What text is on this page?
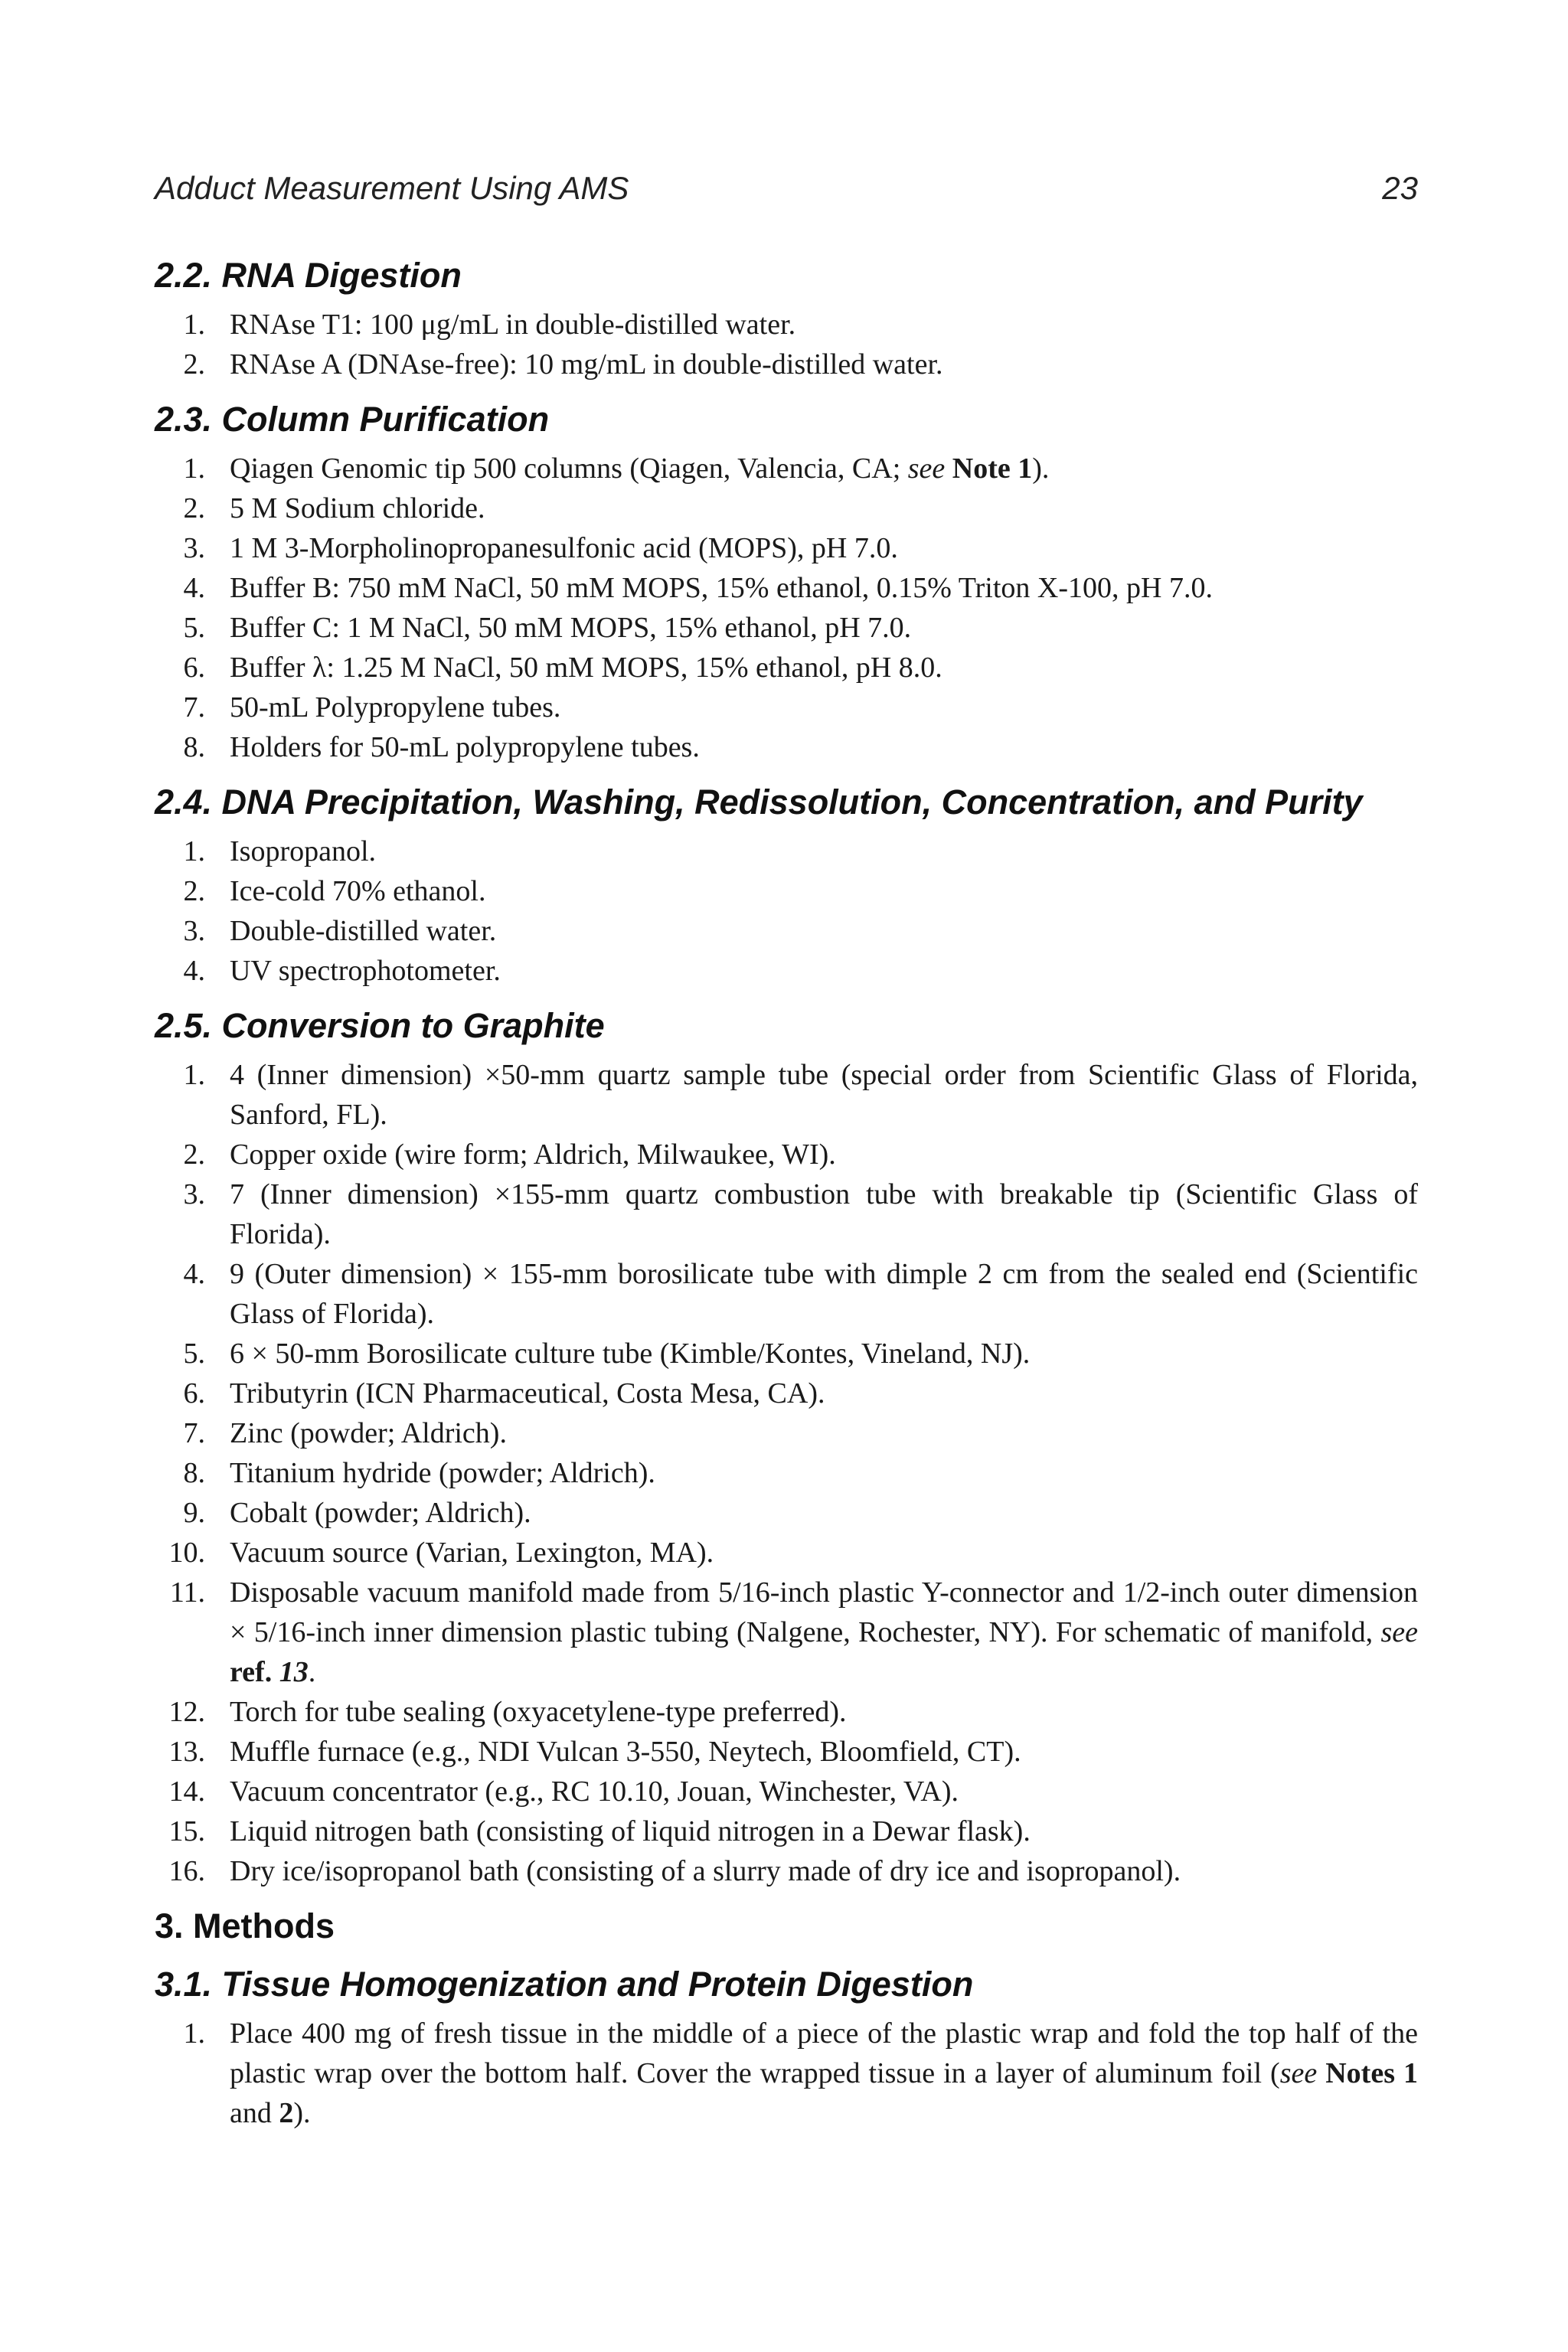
Adduct Measurement Using AMS	23
2.2. RNA Digestion
1. RNAse T1: 100 μg/mL in double-distilled water.
2. RNAse A (DNAse-free): 10 mg/mL in double-distilled water.
2.3. Column Purification
1. Qiagen Genomic tip 500 columns (Qiagen, Valencia, CA; see Note 1).
2. 5 M Sodium chloride.
3. 1 M 3-Morpholinopropanesulfonic acid (MOPS), pH 7.0.
4. Buffer B: 750 mM NaCl, 50 mM MOPS, 15% ethanol, 0.15% Triton X-100, pH 7.0.
5. Buffer C: 1 M NaCl, 50 mM MOPS, 15% ethanol, pH 7.0.
6. Buffer λ: 1.25 M NaCl, 50 mM MOPS, 15% ethanol, pH 8.0.
7. 50-mL Polypropylene tubes.
8. Holders for 50-mL polypropylene tubes.
2.4. DNA Precipitation, Washing, Redissolution, Concentration, and Purity
1. Isopropanol.
2. Ice-cold 70% ethanol.
3. Double-distilled water.
4. UV spectrophotometer.
2.5. Conversion to Graphite
1. 4 (Inner dimension) ×50-mm quartz sample tube (special order from Scientific Glass of Florida, Sanford, FL).
2. Copper oxide (wire form; Aldrich, Milwaukee, WI).
3. 7 (Inner dimension) ×155-mm quartz combustion tube with breakable tip (Scientific Glass of Florida).
4. 9 (Outer dimension) × 155-mm borosilicate tube with dimple 2 cm from the sealed end (Scientific Glass of Florida).
5. 6 × 50-mm Borosilicate culture tube (Kimble/Kontes, Vineland, NJ).
6. Tributyrin (ICN Pharmaceutical, Costa Mesa, CA).
7. Zinc (powder; Aldrich).
8. Titanium hydride (powder; Aldrich).
9. Cobalt (powder; Aldrich).
10. Vacuum source (Varian, Lexington, MA).
11. Disposable vacuum manifold made from 5/16-inch plastic Y-connector and 1/2-inch outer dimension × 5/16-inch inner dimension plastic tubing (Nalgene, Rochester, NY). For schematic of manifold, see ref. 13.
12. Torch for tube sealing (oxyacetylene-type preferred).
13. Muffle furnace (e.g., NDI Vulcan 3-550, Neytech, Bloomfield, CT).
14. Vacuum concentrator (e.g., RC 10.10, Jouan, Winchester, VA).
15. Liquid nitrogen bath (consisting of liquid nitrogen in a Dewar flask).
16. Dry ice/isopropanol bath (consisting of a slurry made of dry ice and isopropanol).
3. Methods
3.1. Tissue Homogenization and Protein Digestion
1. Place 400 mg of fresh tissue in the middle of a piece of the plastic wrap and fold the top half of the plastic wrap over the bottom half. Cover the wrapped tissue in a layer of aluminum foil (see Notes 1 and 2).
